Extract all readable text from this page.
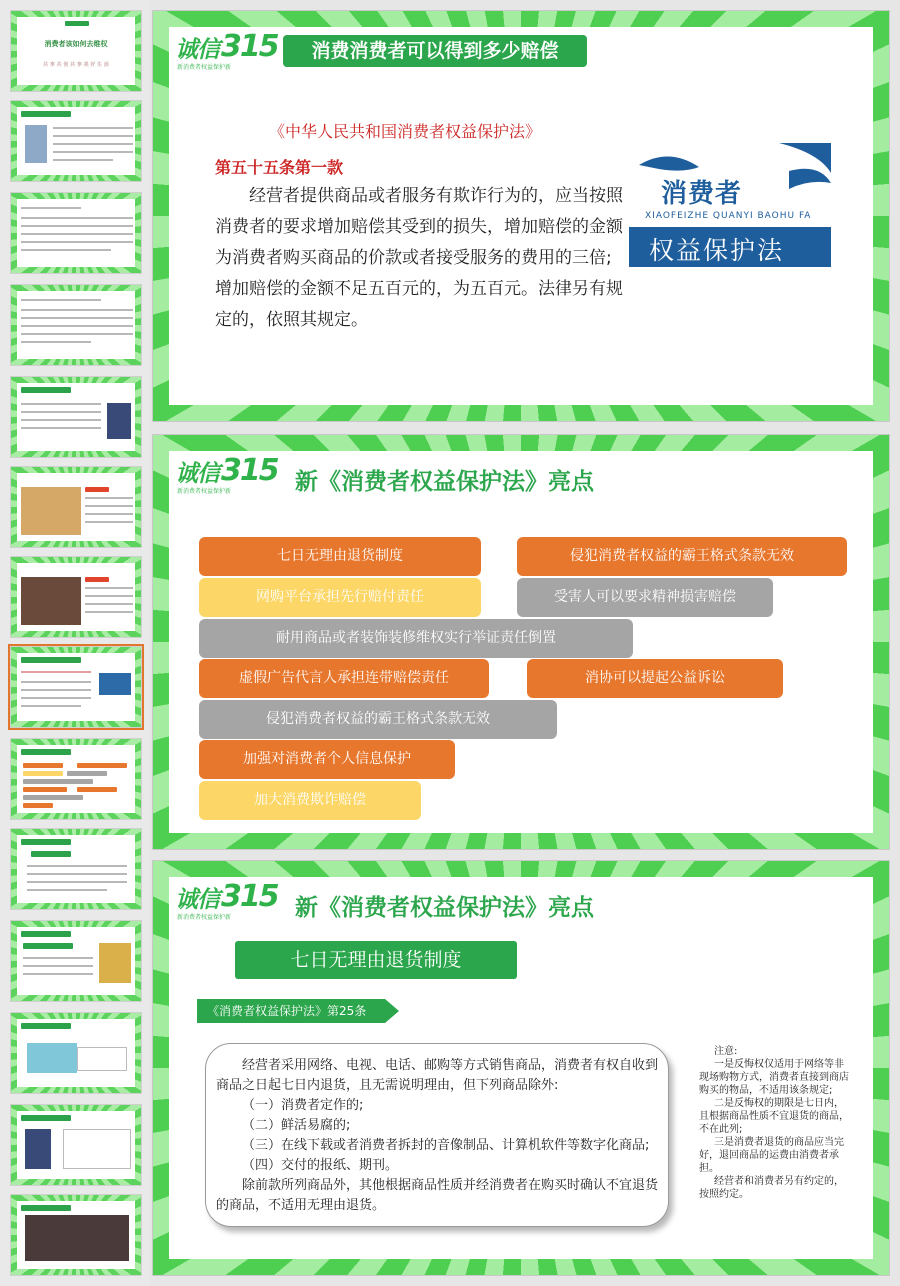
消费者该如何去维权
共 享 共 创 共 享 美 好 生 活
诚信 315
新消费者权益保护新
消费消费者可以得到多少赔偿
《中华人民共和国消费者权益保护法》
第五十五条第一款
经营者提供商品或者服务有欺诈行为的，应当按照消费者的要求增加赔偿其受到的损失，增加赔偿的金额为消费者购买商品的价款或者接受服务的费用的三倍;增加赔偿的金额不足五百元的，为五百元。法律另有规定的，依照其规定。
消费者
XIAOFEIZHE QUANYI BAOHU FA
权益保护法
诚信 315
新消费者权益保护新	新《消费者权益保护法》亮点
七日无理由退货制度	侵犯消费者权益的霸王格式条款无效
网购平台承担先行赔付责任	受害人可以要求精神损害赔偿
耐用商品或者装饰装修维权实行举证责任倒置
虚假广告代言人承担连带赔偿责任	消协可以提起公益诉讼
侵犯消费者权益的霸王格式条款无效
加强对消费者个人信息保护
加大消费欺诈赔偿
诚信 315
新消费者权益保护新	新《消费者权益保护法》亮点
七日无理由退货制度
《消费者权益保护法》第25条

经营者采用网络、电视、电话、邮购等方式销售商品，消费者有权自收到商品之日起七日内退货，且无需说明理由，但下列商品除外:

（一）消费者定作的;

（二）鲜活易腐的;

（三）在线下载或者消费者拆封的音像制品、计算机软件等数字化商品;

（四）交付的报纸、期刊。

除前款所列商品外，其他根据商品性质并经消费者在购买时确认不宜退货的商品，不适用无理由退货。

注意:

一是反悔权仅适用于网络等非现场购物方式，消费者直接到商店购买的物品，不适用该条规定;

二是反悔权的期限是七日内，且根据商品性质不宜退货的商品，不在此列;

三是消费者退货的商品应当完好，退回商品的运费由消费者承担。

经营者和消费者另有约定的，按照约定。
